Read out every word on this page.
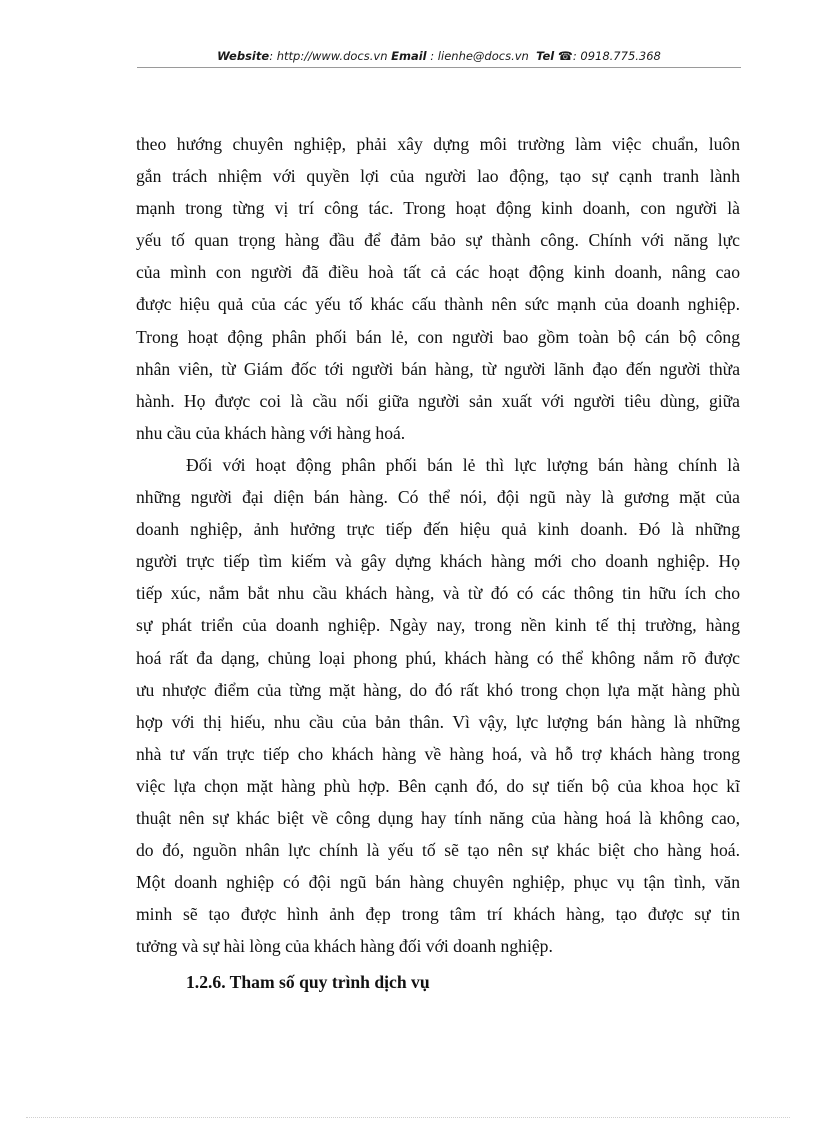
Website: http://www.docs.vn Email : lienhe@docs.vn Tel ☎: 0918.775.368
theo hướng chuyên nghiệp, phải xây dựng môi trường làm việc chuẩn, luôn
gắn trách nhiệm với quyền lợi của người lao động, tạo sự cạnh tranh lành
mạnh trong từng vị trí công tác. Trong hoạt động kinh doanh, con người là
yếu tố quan trọng hàng đầu để đảm bảo sự thành công. Chính với năng lực
của mình con người đã điều hoà tất cả các hoạt động kinh doanh, nâng cao
được hiệu quả của các yếu tố khác cấu thành nên sức mạnh của doanh nghiệp.
Trong hoạt động phân phối bán lẻ, con người bao gồm toàn bộ cán bộ công
nhân viên, từ Giám đốc tới người bán hàng, từ người lãnh đạo đến người thừa
hành. Họ được coi là cầu nối giữa người sản xuất với người tiêu dùng, giữa
nhu cầu của khách hàng với hàng hoá.
Đối với hoạt động phân phối bán lẻ thì lực lượng bán hàng chính là
những người đại diện bán hàng. Có thể nói, đội ngũ này là gương mặt của
doanh nghiệp, ảnh hưởng trực tiếp đến hiệu quả kinh doanh. Đó là những
người trực tiếp tìm kiếm và gây dựng khách hàng mới cho doanh nghiệp. Họ
tiếp xúc, nắm bắt nhu cầu khách hàng, và từ đó có các thông tin hữu ích cho
sự phát triển của doanh nghiệp. Ngày nay, trong nền kinh tế thị trường, hàng
hoá rất đa dạng, chủng loại phong phú, khách hàng có thể không nắm rõ được
ưu nhược điểm của từng mặt hàng, do đó rất khó trong chọn lựa mặt hàng phù
hợp với thị hiếu, nhu cầu của bản thân. Vì vậy, lực lượng bán hàng là những
nhà tư vấn trực tiếp cho khách hàng về hàng hoá, và hỗ trợ khách hàng trong
việc lựa chọn mặt hàng phù hợp. Bên cạnh đó, do sự tiến bộ của khoa học kĩ
thuật nên sự khác biệt về công dụng hay tính năng của hàng hoá là không cao,
do đó, nguồn nhân lực chính là yếu tố sẽ tạo nên sự khác biệt cho hàng hoá.
Một doanh nghiệp có đội ngũ bán hàng chuyên nghiệp, phục vụ tận tình, văn
minh sẽ tạo được hình ảnh đẹp trong tâm trí khách hàng, tạo được sự tin
tưởng và sự hài lòng của khách hàng đối với doanh nghiệp.
1.2.6. Tham số quy trình dịch vụ
